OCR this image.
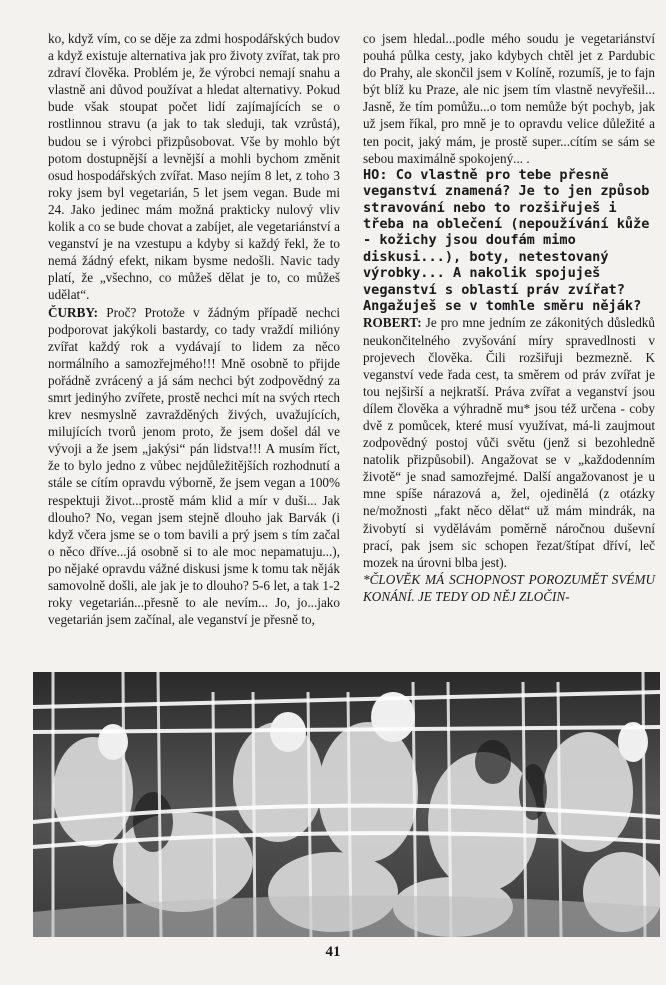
ko, když vím, co se děje za zdmi hospodářských budov a když existuje alternativa jak pro životy zvířat, tak pro zdraví člověka. Problém je, že výrobci nemají snahu a vlastně ani důvod používat a hledat alternativy. Pokud bude však stoupat počet lidí zajímajících se o rostlinnou stravu (a jak to tak sleduji, tak vzrůstá), budou se i výrobci přizpůsobovat. Vše by mohlo být potom dostupnější a levnější a mohli bychom změnit osud hospodářských zvířat. Maso nejím 8 let, z toho 3 roky jsem byl vegetarián, 5 let jsem vegan. Bude mi 24. Jako jedinec mám možná prakticky nulový vliv kolik a co se bude chovat a zabíjet, ale vegetariánství a veganství je na vzestupu a kdyby si každý řekl, že to nemá žádný efekt, nikam bysme nedošli. Navic tady platí, že „všechno, co můžeš dělat je to, co můžeš udělat“.

ČURBY: Proč? Protože v žádným případě nechci podporovat jakýkoli bastardy, co tady vraždí milióny zvířat každý rok a vydávají to lidem za něco normálního a samozřejmého!!! Mně osobně to přijde pořádně zvrácený a já sám nechci být zodpovědný za smrt jedinýho zvířete, prostě nechci mít na svých rtech krev nesmyslně zavražděných živých, uvažujících, milujících tvorů jenom proto, že jsem došel dál ve vývoji a že jsem „jakýsi“ pán lidstva!!! A musím říct, že to bylo jedno z vůbec nejdůležitějších rozhodnutí a stále se cítím opravdu výborně, že jsem vegan a 100% respektuji život...prostě mám klid a mír v duši... Jak dlouho? No, vegan jsem stejně dlouho jak Barvák (i když včera jsme se o tom bavili a prý jsem s tím začal o něco dříve...já osobně si to ale moc nepamatuju...), po nějaké opravdu vážné diskusi jsme k tomu tak něják samovolně došli, ale jak je to dlouho? 5-6 let, a tak 1-2 roky vegetarián...přesně to ale nevím... Jo, jo...jako vegetarián jsem začínal, ale veganství je přesně to,

co jsem hledal...podle mého soudu je vegetariánství pouhá půlka cesty, jako kdybych chtěl jet z Pardubic do Prahy, ale skončil jsem v Kolíně, rozumíš, je to fajn být blíž ku Praze, ale nic jsem tím vlastně nevyřešil... Jasně, že tím pomůžu...o tom nemůže být pochyb, jak už jsem říkal, pro mně je to opravdu velice důležité a ten pocit, jaký mám, je prostě super...cítím se sám se sebou maximálně spokojený... .

HO: Co vlastně pro tebe přesně veganství znamená? Je to jen způsob stravování nebo to rozšiřuješ i třeba na oblečení (nepoužívání kůže - kožichy jsou doufám mimo diskusi...), boty, netestovaný výrobky... A nakolik spojuješ veganství s oblastí práv zvířat? Angažuješ se v tomhle směru něják?

ROBERT: Je pro mne jedním ze zákonitých důsledků neukončitelného zvyšování míry spravedlnosti v projevech člověka. Čili rozšiřuji bezmezně. K veganství vede řada cest, ta směrem od práv zvířat je tou nejširší a nejkratší. Práva zvířat a veganství jsou dílem člověka a výhradně mu* jsou též určena - coby dvě z pomůcek, které musí využívat, má-li zaujmout zodpovědný postoj vůči světu (jenž si bezohledně natolik přizpůsobil). Angažovat se v „každodenním životě“ je snad samozřejmé. Další angažovanost je u mne spíše nárazová a, žel, ojedinělá (z otázky ne/možnosti „fakt něco dělat“ už mám mindrák, na živobytí si vydělávám poměrně náročnou duševní prací, pak jsem sic schopen řezat/štípat dříví, leč mozek na úrovni blba jest).

*ČLOVĚK MÁ SCHOPNOST POROZUMĚT SVÉMU KONÁNÍ. JE TEDY OD NĚJ ZLOČIN-

41
